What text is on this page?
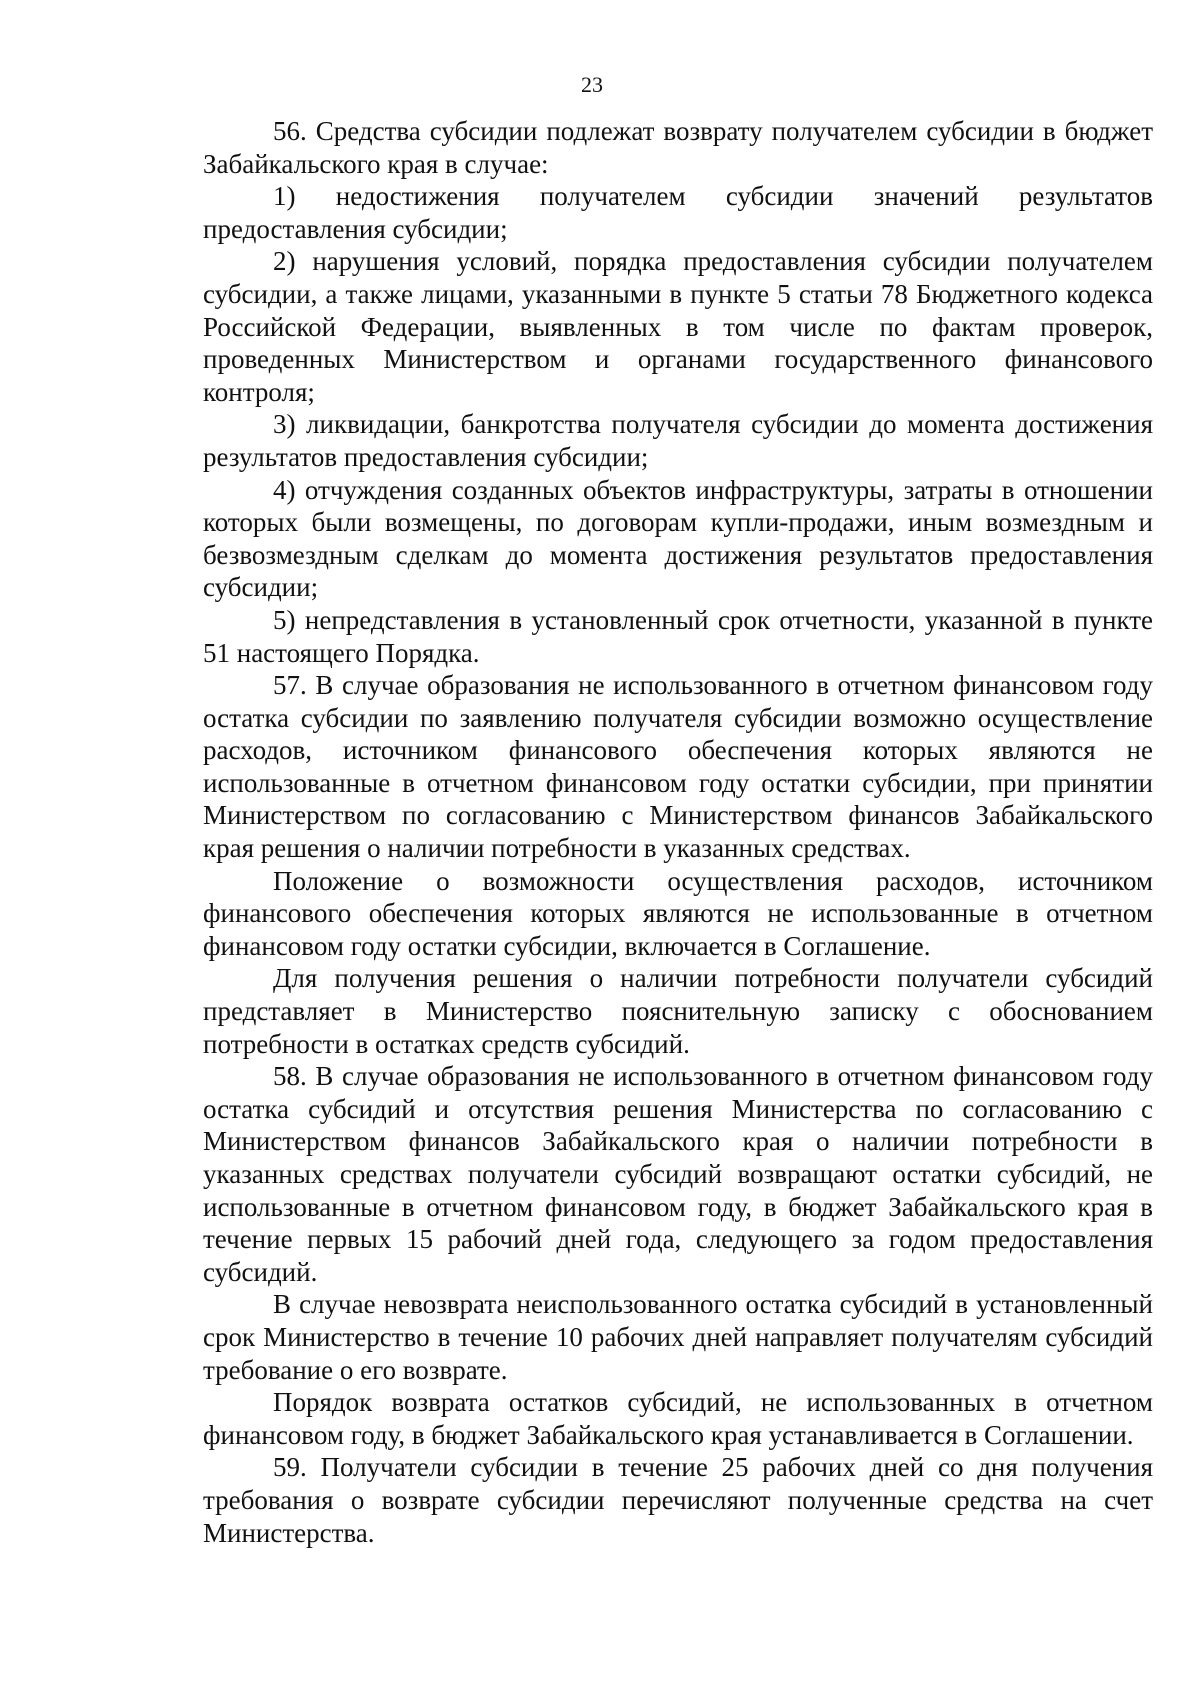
23

56. Средства субсидии подлежат возврату получателем субсидии в бюджет Забайкальского края в случае:

1) недостижения получателем субсидии значений результатов предоставления субсидии;

2) нарушения условий, порядка предоставления субсидии получателем субсидии, а также лицами, указанными в пункте 5 статьи 78 Бюджетного кодекса Российской Федерации, выявленных в том числе по фактам проверок, проведенных Министерством и органами государственного финансового контроля;

3) ликвидации, банкротства получателя субсидии до момента достижения результатов предоставления субсидии;

4) отчуждения созданных объектов инфраструктуры, затраты в отношении которых были возмещены, по договорам купли-продажи, иным возмездным и безвозмездным сделкам до момента достижения результатов предоставления субсидии;

5) непредставления в установленный срок отчетности, указанной в пункте 51 настоящего Порядка.

57. В случае образования не использованного в отчетном финансовом году остатка субсидии по заявлению получателя субсидии возможно осуществление расходов, источником финансового обеспечения которых являются не использованные в отчетном финансовом году остатки субсидии, при принятии Министерством по согласованию с Министерством финансов Забайкальского края решения о наличии потребности в указанных средствах.

Положение о возможности осуществления расходов, источником финансового обеспечения которых являются не использованные в отчетном финансовом году остатки субсидии, включается в Соглашение.

Для получения решения о наличии потребности получатели субсидий представляет в Министерство пояснительную записку с обоснованием потребности в остатках средств субсидий.

58. В случае образования не использованного в отчетном финансовом году остатка субсидий и отсутствия решения Министерства по согласованию с Министерством финансов Забайкальского края о наличии потребности в указанных средствах получатели субсидий возвращают остатки субсидий, не использованные в отчетном финансовом году, в бюджет Забайкальского края в течение первых 15 рабочий дней года, следующего за годом предоставления субсидий.

В случае невозврата неиспользованного остатка субсидий в установленный срок Министерство в течение 10 рабочих дней направляет получателям субсидий требование о его возврате.

Порядок возврата остатков субсидий, не использованных в отчетном финансовом году, в бюджет Забайкальского края устанавливается в Соглашении.

59. Получатели субсидии в течение 25 рабочих дней со дня получения требования о возврате субсидии перечисляют полученные средства на счет Министерства.
